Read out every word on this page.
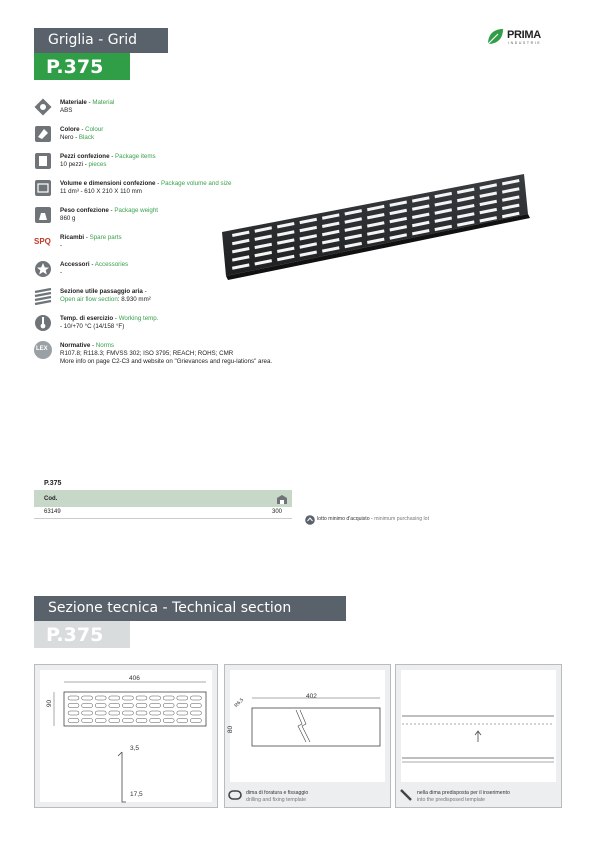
Griglia - Grid
P.375
PRIMA
INDUSTRIE
Materiale - Material
ABS
Colore - Colour
Nero - Black
Pezzi confezione - Package items
10 pezzi - pieces
Volume e dimensioni confezione - Package volume and size
11 dm³ - 610 X 210 X 110 mm
Peso confezione - Package weight
860 g
SPQ Ricambi - Spare parts
-
Accessori - Accessories
-
Sezione utile passaggio aria -
Open air flow section: 8.930 mm²
Temp. di esercizio - Working temp.
- 10/+70 °C (14/158 °F)
LEX Normative - Norms
R107.8; R118.3; FMVSS 302; ISO 3795; REACH; ROHS; CMR
More info on page C2-C3 and website on "Grievances and regu-lations" area.
P.375
Cod.
63149	300
lotto minimo d'acquisto - minimum purchasing lot
Sezione tecnica - Technical section
P.375
406
90
3,5
17,5
402
80
R6,5
dima di foratura e fissaggio
drilling and fixing template
nella dima predisposta per il inserimento
into the predisposed template
